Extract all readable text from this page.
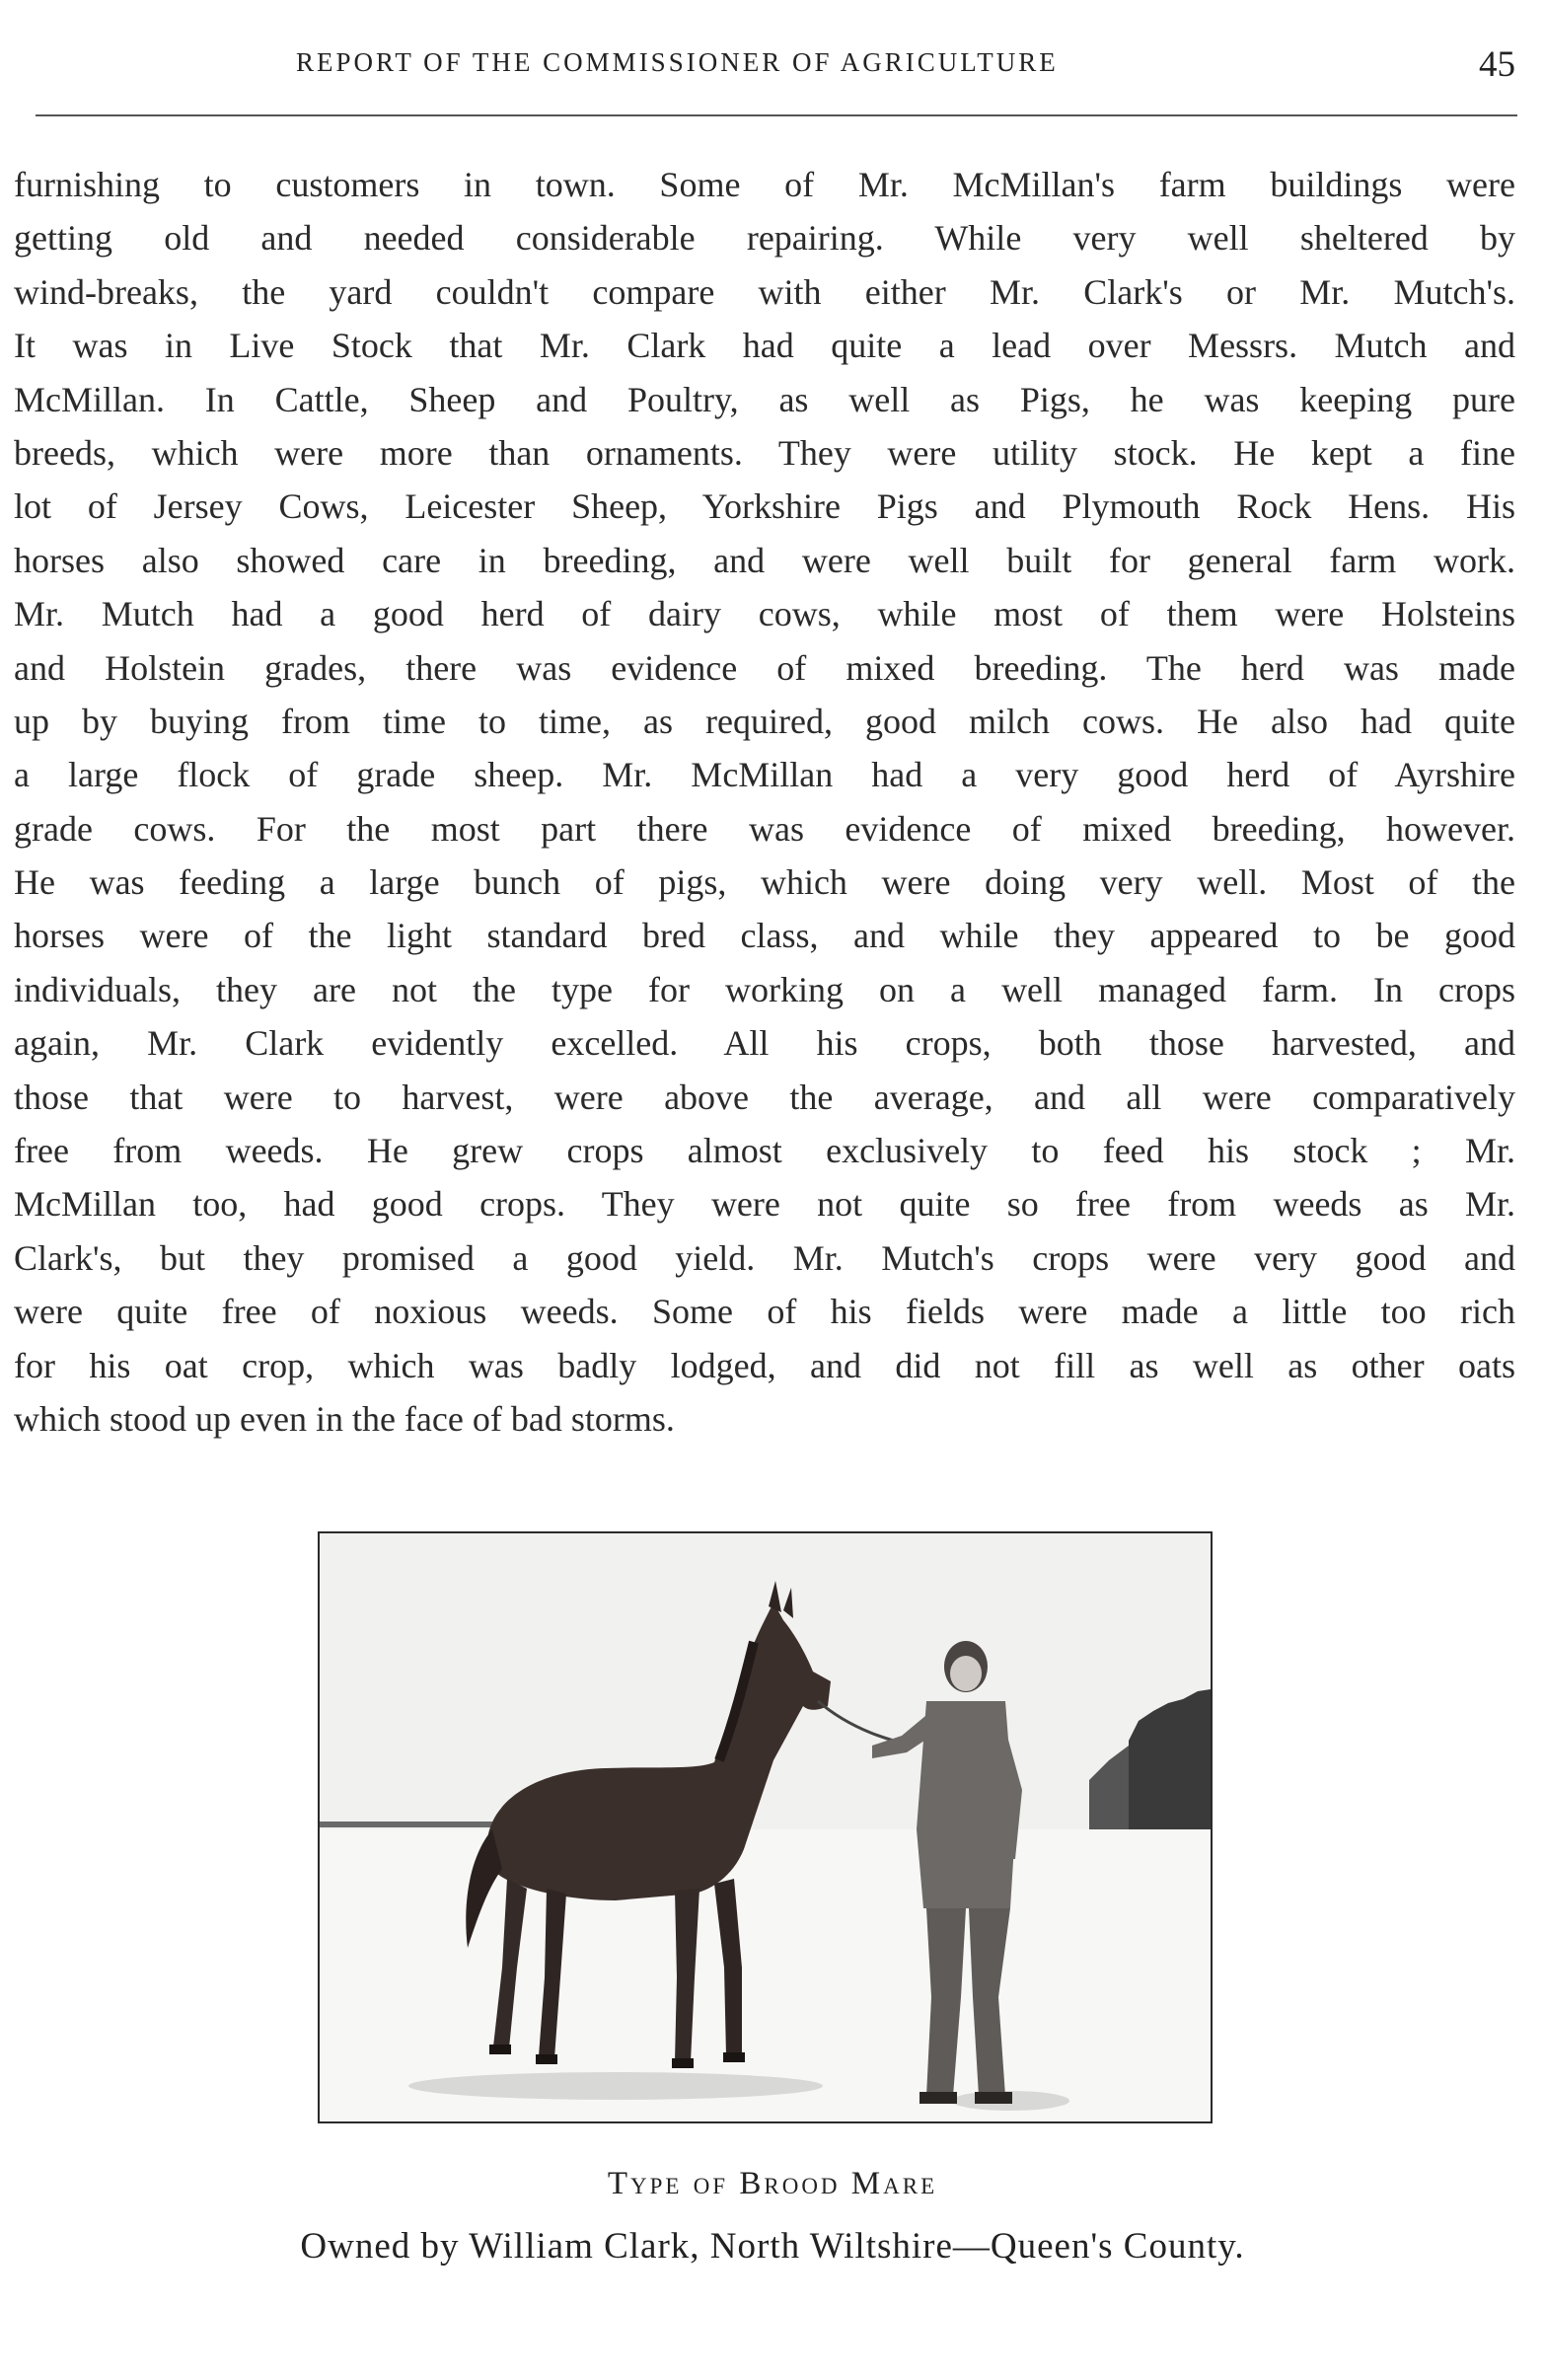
REPORT OF THE COMMISSIONER OF AGRICULTURE	45
furnishing to customers in town. Some of Mr. McMillan's farm buildings were
getting old and needed considerable repairing. While very well sheltered by
wind-breaks, the yard couldn't compare with either Mr. Clark's or Mr. Mutch's.
It was in Live Stock that Mr. Clark had quite a lead over Messrs. Mutch and
McMillan. In Cattle, Sheep and Poultry, as well as Pigs, he was keeping pure
breeds, which were more than ornaments. They were utility stock. He kept a fine
lot of Jersey Cows, Leicester Sheep, Yorkshire Pigs and Plymouth Rock Hens. His
horses also showed care in breeding, and were well built for general farm work.
Mr. Mutch had a good herd of dairy cows, while most of them were Holsteins
and Holstein grades, there was evidence of mixed breeding. The herd was made
up by buying from time to time, as required, good milch cows. He also had quite
a large flock of grade sheep. Mr. McMillan had a very good herd of Ayrshire
grade cows. For the most part there was evidence of mixed breeding, however.
He was feeding a large bunch of pigs, which were doing very well. Most of the
horses were of the light standard bred class, and while they appeared to be good
individuals, they are not the type for working on a well managed farm. In crops
again, Mr. Clark evidently excelled. All his crops, both those harvested, and
those that were to harvest, were above the average, and all were comparatively
free from weeds. He grew crops almost exclusively to feed his stock ; Mr.
McMillan too, had good crops. They were not quite so free from weeds as Mr.
Clark's, but they promised a good yield. Mr. Mutch's crops were very good and
were quite free of noxious weeds. Some of his fields were made a little too rich
for his oat crop, which was badly lodged, and did not fill as well as other oats
which stood up even in the face of bad storms.
Type of Brood Mare
Owned by William Clark, North Wiltshire—Queen's County.
